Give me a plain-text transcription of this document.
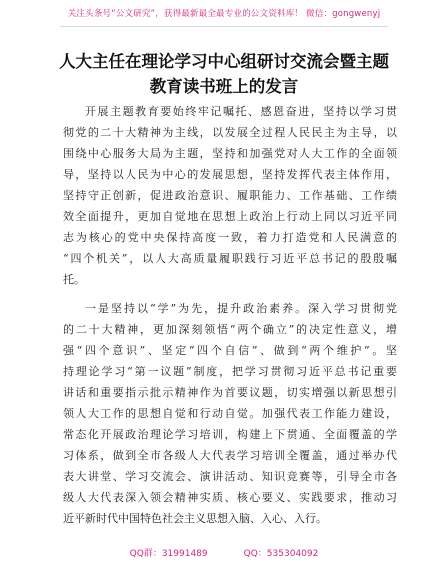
关注头条号“公文研究”，获得最新最全最专业的公文资料库！ 微信：gongwenyj
人大主任在理论学习中心组研讨交流会暨主题
教育读书班上的发言
开展主题教育要始终牢记嘱托、感恩奋进，坚持以学习贯
彻党的二十大精神为主线，以发展全过程人民民主为主导，以
围绕中心服务大局为主题，坚持和加强党对人大工作的全面领
导，坚持以人民为中心的发展思想，坚持发挥代表主体作用，
坚持守正创新，促进政治意识、履职能力、工作基础、工作绩
效全面提升，更加自觉地在思想上政治上行动上同以习近平同
志为核心的党中央保持高度一致，着力打造党和人民满意的
“四个机关”，以人大高质量履职践行习近平总书记的殷殷嘱
托。
一是坚持以“学”为先，提升政治素养。深入学习贯彻党
的二十大精神，更加深刻领悟“两个确立”的决定性意义，增
强“四个意识”、坚定“四个自信”、做到“两个维护”。坚
持理论学习“第一议题”制度，把学习贯彻习近平总书记重要
讲话和重要指示批示精神作为首要议题，切实增强以新思想引
领人大工作的思想自觉和行动自觉。加强代表工作能力建设，
常态化开展政治理论学习培训，构建上下贯通、全面覆盖的学
习体系，做到全市各级人大代表学习培训全覆盖，通过举办代
表大讲堂、学习交流会、演讲活动、知识竞赛等，引导全市各
级人大代表深入领会精神实质、核心要义、实践要求，推动习
近平新时代中国特色社会主义思想入脑、入心、入行。
QQ群：31991489	QQ：535304092
